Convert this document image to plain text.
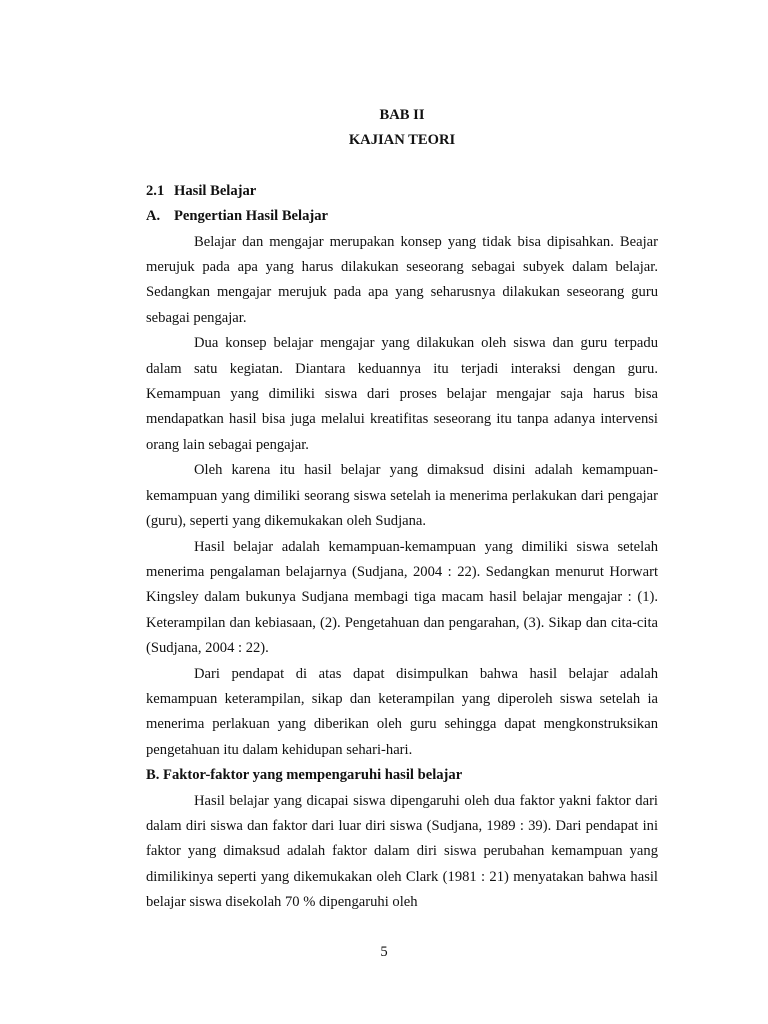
BAB II
KAJIAN TEORI
2.1 Hasil Belajar
A. Pengertian Hasil Belajar

Belajar dan mengajar merupakan konsep yang tidak bisa dipisahkan. Beajar merujuk pada apa yang harus dilakukan seseorang sebagai subyek dalam belajar. Sedangkan mengajar merujuk pada apa yang seharusnya dilakukan seseorang guru sebagai pengajar.

Dua konsep belajar mengajar yang dilakukan oleh siswa dan guru terpadu dalam satu kegiatan. Diantara keduannya itu terjadi interaksi dengan guru. Kemampuan yang dimiliki siswa dari proses belajar mengajar saja harus bisa mendapatkan hasil bisa juga melalui kreatifitas seseorang itu tanpa adanya intervensi orang lain sebagai pengajar.

Oleh karena itu hasil belajar yang dimaksud disini adalah kemampuan-kemampuan yang dimiliki seorang siswa setelah ia menerima perlakukan dari pengajar (guru), seperti yang dikemukakan oleh Sudjana.

Hasil belajar adalah kemampuan-kemampuan yang dimiliki siswa setelah menerima pengalaman belajarnya (Sudjana, 2004 : 22). Sedangkan menurut Horwart Kingsley dalam bukunya Sudjana membagi tiga macam hasil belajar mengajar : (1). Keterampilan dan kebiasaan, (2). Pengetahuan dan pengarahan, (3). Sikap dan cita-cita (Sudjana, 2004 : 22).

Dari pendapat di atas dapat disimpulkan bahwa hasil belajar adalah kemampuan keterampilan, sikap dan keterampilan yang diperoleh siswa setelah ia menerima perlakuan yang diberikan oleh guru sehingga dapat mengkonstruksikan pengetahuan itu dalam kehidupan sehari-hari.

B. Faktor-faktor yang mempengaruhi hasil belajar

Hasil belajar yang dicapai siswa dipengaruhi oleh dua faktor yakni faktor dari dalam diri siswa dan faktor dari luar diri siswa (Sudjana, 1989 : 39). Dari pendapat ini faktor yang dimaksud adalah faktor dalam diri siswa perubahan kemampuan yang dimilikinya seperti yang dikemukakan oleh Clark (1981 : 21) menyatakan bahwa hasil belajar siswa disekolah 70 % dipengaruhi oleh

5
